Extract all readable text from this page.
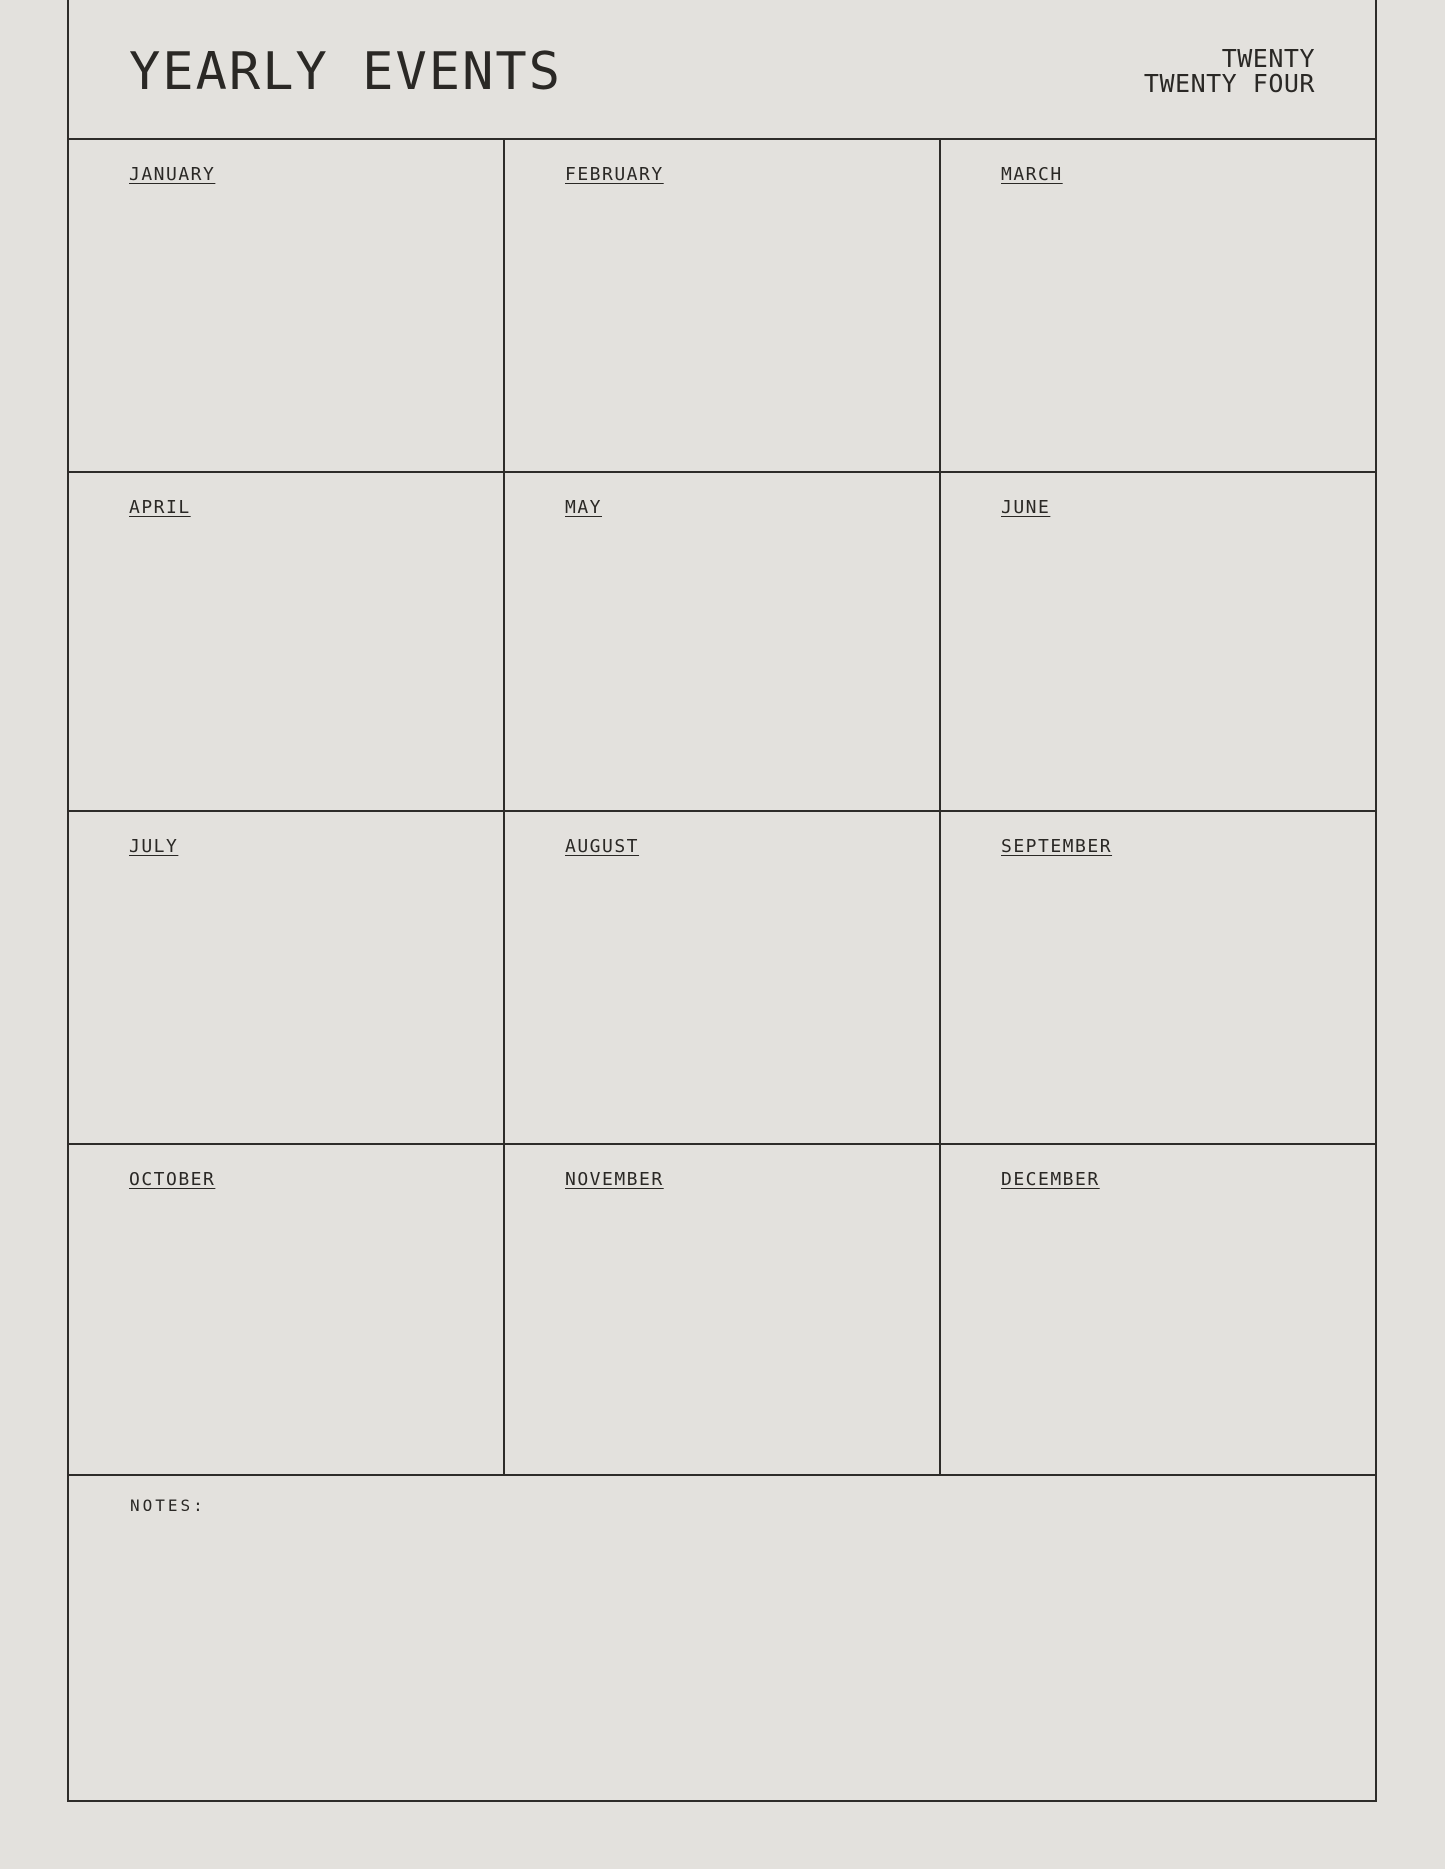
YEARLY EVENTS	TWENTY
TWENTY FOUR
JANUARY	FEBRUARY	MARCH
APRIL	MAY	JUNE
JULY	AUGUST	SEPTEMBER
OCTOBER	NOVEMBER	DECEMBER
NOTES:
